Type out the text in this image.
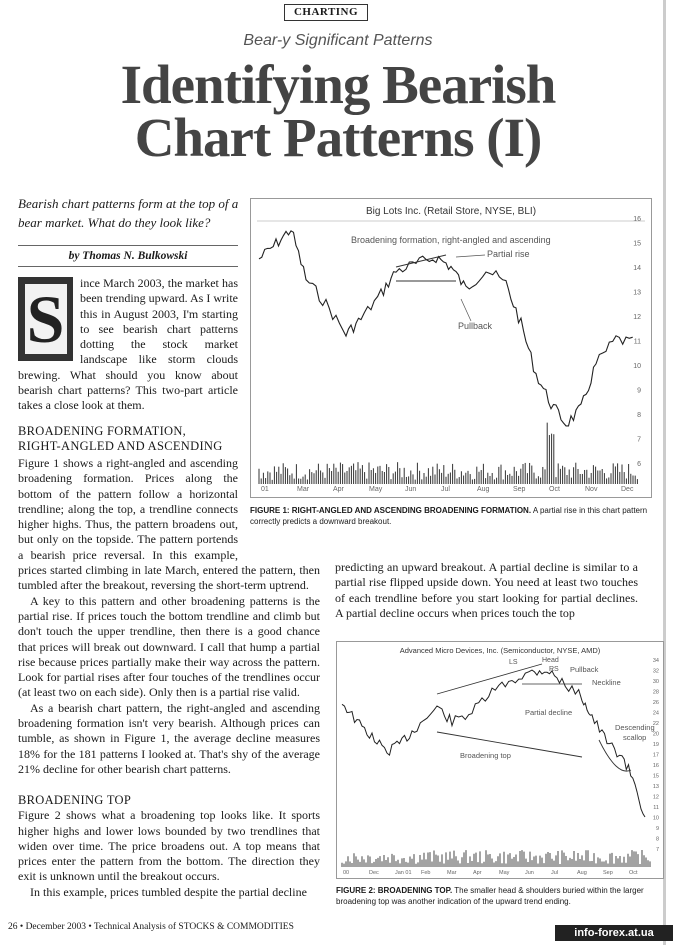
CHARTING
Bear-y Significant Patterns
Identifying Bearish
Chart Patterns (I)
Bearish chart patterns form at the top of a bear market. What do they look like?
by Thomas N. Bulkowski
S	ince March 2003, the market has been trending upward. As I write this in August 2003, I'm starting to see bearish chart patterns dotting the stock market landscape like storm clouds brewing. What should you know about bearish chart patterns? This two-part article takes a close look at them.

BROADENING FORMATION,
RIGHT-ANGLED AND ASCENDING

Figure 1 shows a right-angled and ascending broadening formation. Prices along the bottom of the pattern follow a horizontal trendline; along the top, a trendline connects higher highs. Thus, the pattern broadens out, but only on the topside. The pattern portends a bearish price reversal. In this example, prices started climbing in late March, entered the pattern, then tumbled after the breakout, reversing the short-term uptrend.

A key to this pattern and other broadening patterns is the partial rise. If prices touch the bottom trendline and climb but don't touch the upper trendline, then there is a good chance that prices will break out downward. I call that hump a partial rise because prices partially make their way across the pattern. Look for partial rises after four touches of the trendlines occur (at least two on each side). Only then is a partial rise valid.

As a bearish chart pattern, the right-angled and ascending broadening formation isn't very bearish. Although prices can tumble, as shown in Figure 1, the average decline measures 18% for the 181 patterns I looked at. That's shy of the average 21% decline for other bearish chart patterns.

BROADENING TOP

Figure 2 shows what a broadening top looks like. It sports higher highs and lower lows bounded by two trendlines that widen over time. The price broadens out. A top means that prices enter the pattern from the bottom. The direction they exit is unknown until the breakout occurs.

In this example, prices tumbled despite the partial decline

predicting an upward breakout. A partial decline is similar to a partial rise flipped upside down. You need at least two touches of each trendline before you start looking for partial declines. A partial decline occurs when prices touch the top

Big Lots Inc. (Retail Store, NYSE, BLI)
16
15
14
13
12
11
10
9
8
7
6
01	Mar	Apr	May	Jun	Jul	Aug	Sep	Oct	Nov	Dec
Broadening formation, right-angled and ascending
Partial rise
Pullback
FIGURE 1: RIGHT-ANGLED AND ASCENDING BROADENING FORMATION. A partial rise in this chart pattern correctly predicts a downward breakout.
Advanced Micro Devices, Inc. (Semiconductor, NYSE, AMD)
34
32
30
28
26
24
22
20
19
17
16
15
13
12
11
10
9
8
7
00	Dec	Jan 01 Feb	Mar	Apr	May	Jun	Jul	Aug	Sep	Oct
LS	Head
RS Pullback
Neckline
Partial decline
Descending
scallop
Broadening top
FIGURE 2: BROADENING TOP. The smaller head & shoulders buried within the larger broadening top was another indication of the upward trend ending.
26 • December 2003 • Technical Analysis of STOCKS & COMMODITIES	info-forex.at.ua
